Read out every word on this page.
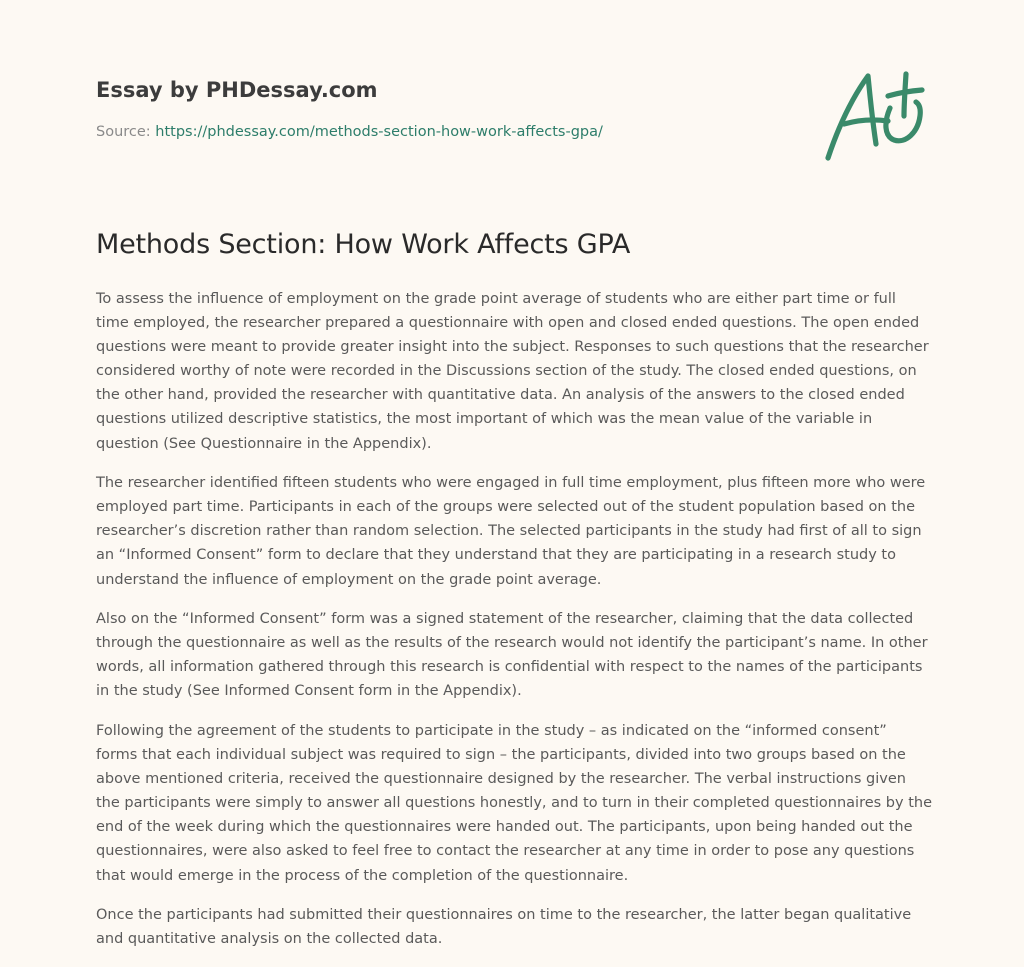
Essay by PHDessay.com
Source: https://phdessay.com/methods-section-how-work-affects-gpa/
Methods Section: How Work Affects GPA

To assess the influence of employment on the grade point average of students who are either part time or full time employed, the researcher prepared a questionnaire with open and closed ended questions. The open ended questions were meant to provide greater insight into the subject. Responses to such questions that the researcher considered worthy of note were recorded in the Discussions section of the study. The closed ended questions, on the other hand, provided the researcher with quantitative data. An analysis of the answers to the closed ended questions utilized descriptive statistics, the most important of which was the mean value of the variable in question (See Questionnaire in the Appendix).

The researcher identified fifteen students who were engaged in full time employment, plus fifteen more who were employed part time. Participants in each of the groups were selected out of the student population based on the researcher’s discretion rather than random selection. The selected participants in the study had first of all to sign an “Informed Consent” form to declare that they understand that they are participating in a research study to understand the influence of employment on the grade point average.

Also on the “Informed Consent” form was a signed statement of the researcher, claiming that the data collected through the questionnaire as well as the results of the research would not identify the participant’s name. In other words, all information gathered through this research is confidential with respect to the names of the participants in the study (See Informed Consent form in the Appendix).

Following the agreement of the students to participate in the study – as indicated on the “informed consent” forms that each individual subject was required to sign – the participants, divided into two groups based on the above mentioned criteria, received the questionnaire designed by the researcher. The verbal instructions given the participants were simply to answer all questions honestly, and to turn in their completed questionnaires by the end of the week during which the questionnaires were handed out. The participants, upon being handed out the questionnaires, were also asked to feel free to contact the researcher at any time in order to pose any questions that would emerge in the process of the completion of the questionnaire.

Once the participants had submitted their questionnaires on time to the researcher, the latter began qualitative and quantitative analysis on the collected data.
